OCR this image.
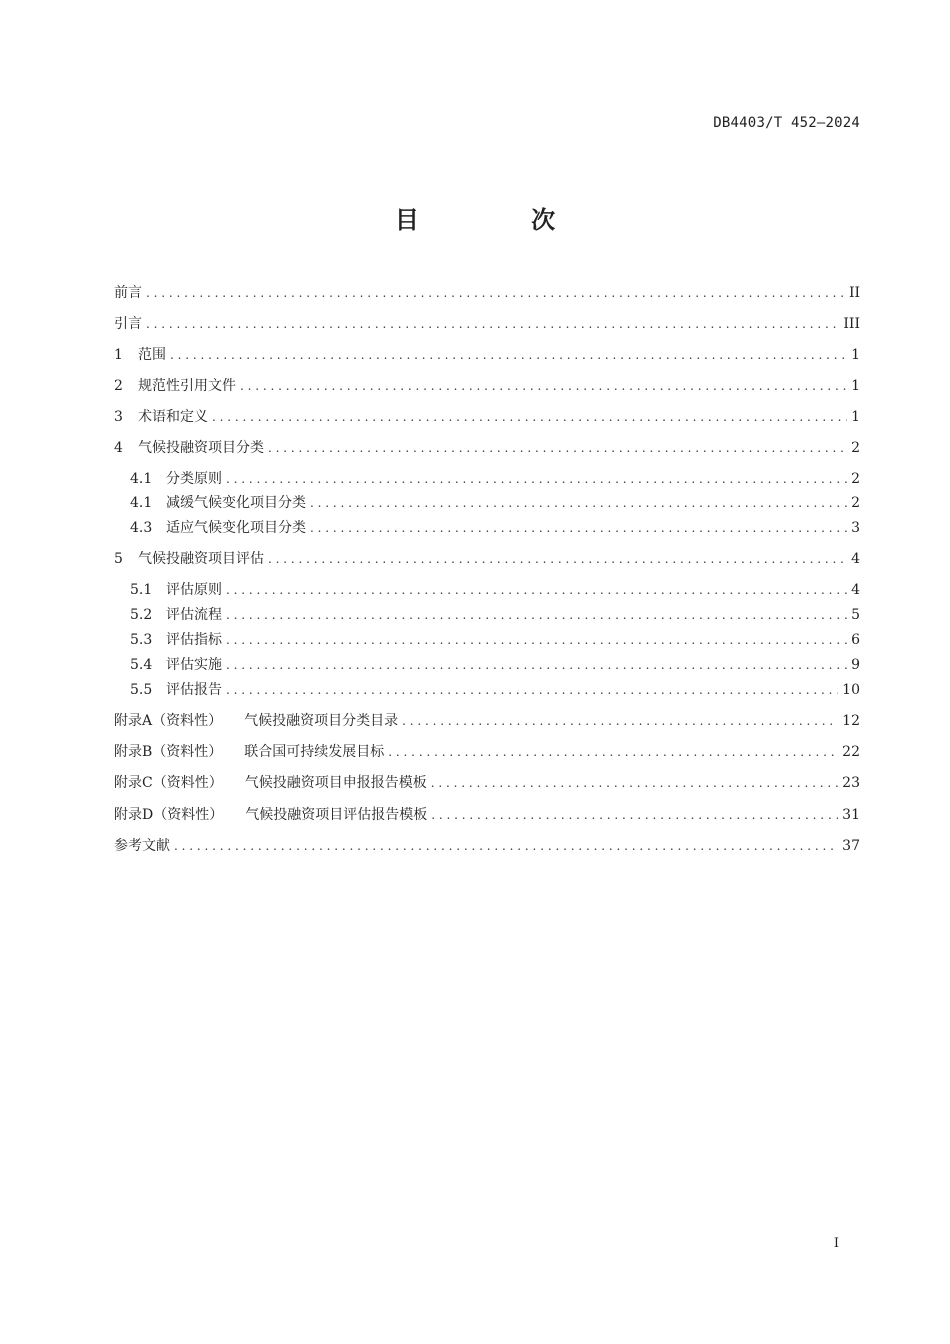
DB4403/T 452—2024
目 次
前言 . . .	II
引言 . . .	III
1	范围 . . .	1
2	规范性引用文件 . . .	1
3	术语和定义 . . .	1
4	气候投融资项目分类 . . .	2
4.1 分类原则 . . .	2
4.1 减缓气候变化项目分类 . . .	2
4.3 适应气候变化项目分类 . . .	3
5	气候投融资项目评估 . . .	4
5.1 评估原则 . . .	4
5.2 评估流程 . . .	5
5.3 评估指标 . . .	6
5.4 评估实施 . . .	9
5.5 评估报告 . . .	10
附录A（资料性）	气候投融资项目分类目录 . . .	12
附录B（资料性）	联合国可持续发展目标 . . .	22
附录C（资料性）	气候投融资项目申报报告模板 . . .	23
附录D（资料性）	气候投融资项目评估报告模板 . . .	31
参考文献 . . .	37
I
